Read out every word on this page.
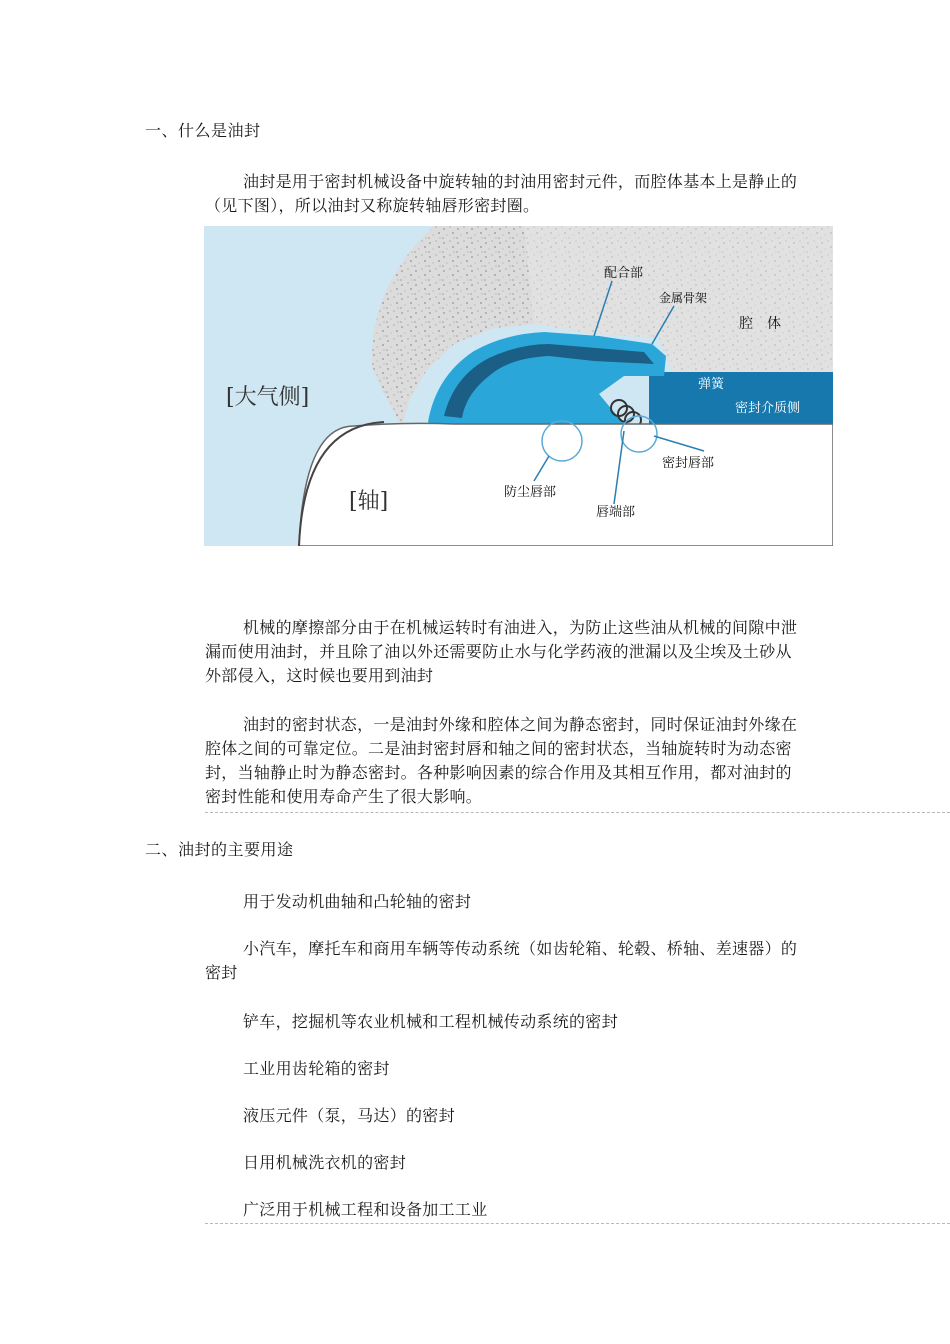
一、什么是油封

油封是用于密封机械设备中旋转轴的封油用密封元件，而腔体基本上是静止的（见下图），所以油封又称旋转轴唇形密封圈。

配合部
金属骨架
腔　体
[大气侧]
弹簧
密封介质侧
密封唇部
[轴]	防尘唇部
唇端部

机械的摩擦部分由于在机械运转时有油进入，为防止这些油从机械的间隙中泄漏而使用油封，并且除了油以外还需要防止水与化学药液的泄漏以及尘埃及土砂从外部侵入，这时候也要用到油封

油封的密封状态，一是油封外缘和腔体之间为静态密封，同时保证油封外缘在腔体之间的可靠定位。二是油封密封唇和轴之间的密封状态，当轴旋转时为动态密封，当轴静止时为静态密封。各种影响因素的综合作用及其相互作用，都对油封的密封性能和使用寿命产生了很大影响。

二、油封的主要用途

用于发动机曲轴和凸轮轴的密封

小汽车，摩托车和商用车辆等传动系统（如齿轮箱、轮毂、桥轴、差速器）的密封

铲车，挖掘机等农业机械和工程机械传动系统的密封

工业用齿轮箱的密封

液压元件（泵，马达）的密封

日用机械洗衣机的密封

广泛用于机械工程和设备加工工业
